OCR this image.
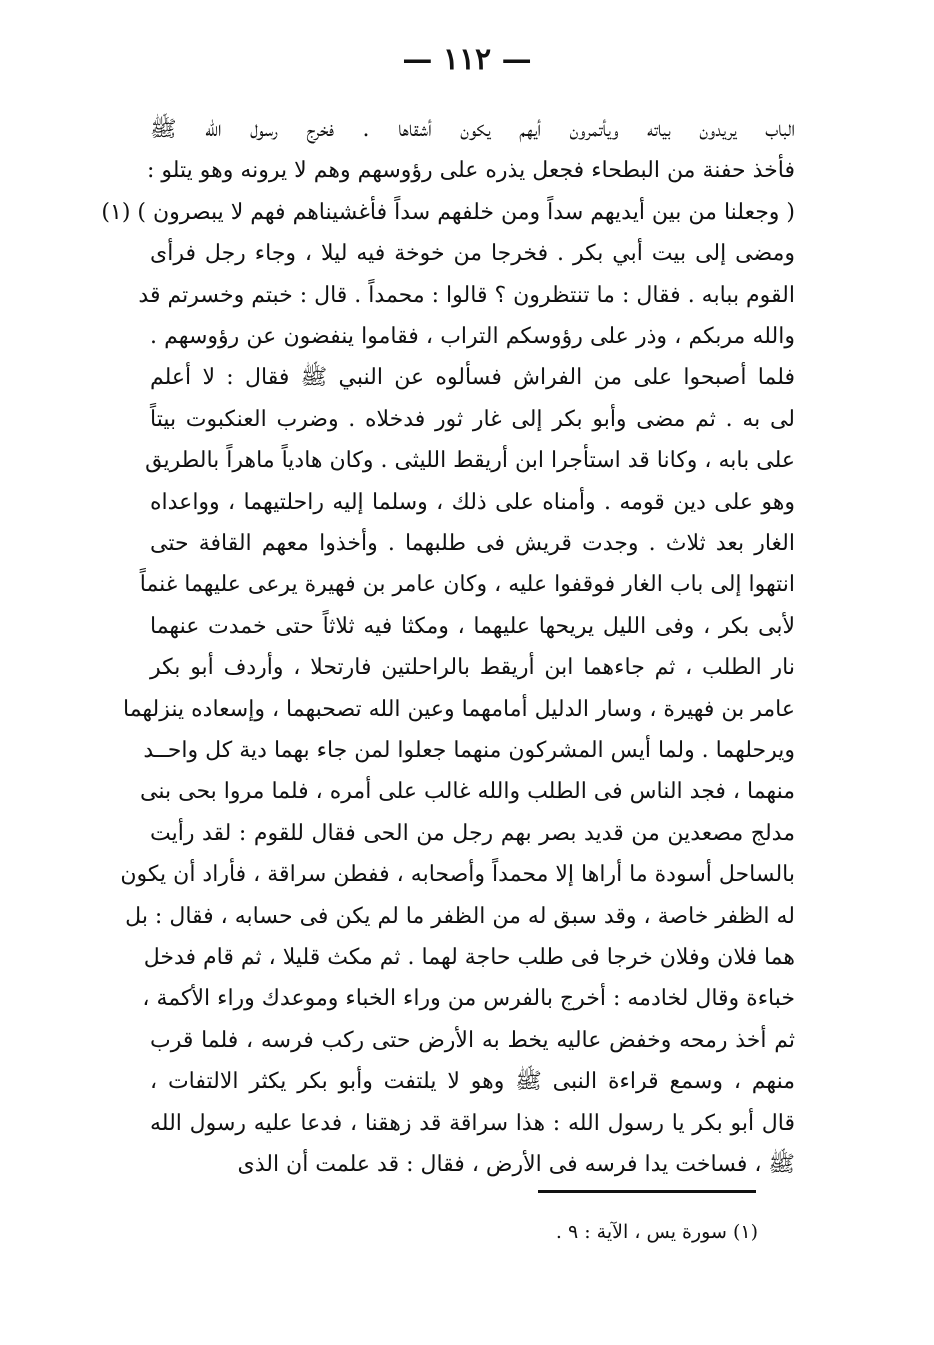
— ١١٢ —
الباب يريدون بياته ويأتمرون أيهم يكون أشقاها . فخرج رسول الله ﷺ
فأخذ حفنة من البطحاء فجعل يذره على رؤوسهم وهم لا يرونه وهو يتلو :
( وجعلنا من بين أيديهم سداً ومن خلفهم سداً فأغشيناهم فهم لا يبصرون ) (١)
ومضى إلى بيت أبي بكر . فخرجا من خوخة فيه ليلا ، وجاء رجل فرأى
القوم ببابه . فقال : ما تنتظرون ؟ قالوا : محمداً . قال : خبتم وخسرتم قد
والله مربكم ، وذر على رؤوسكم التراب ، فقاموا ينفضون عن رؤوسهم .
فلما أصبحوا على من الفراش فسألوه عن النبي ﷺ فقال : لا أعلم
لى به . ثم مضى وأبو بكر إلى غار ثور فدخلاه . وضرب العنكبوت بيتاً
على بابه ، وكانا قد استأجرا ابن أريقط الليثى . وكان هادياً ماهراً بالطريق
وهو على دين قومه . وأمناه على ذلك ، وسلما إليه راحلتيهما ، وواعداه
الغار بعد ثلاث . وجدت قريش فى طلبهما . وأخذوا معهم القافة حتى
انتهوا إلى باب الغار فوقفوا عليه ، وكان عامر بن فهيرة يرعى عليهما غنماً
لأبى بكر ، وفى الليل يريحها عليهما ، ومكثا فيه ثلاثاً حتى خمدت عنهما
نار الطلب ، ثم جاءهما ابن أريقط بالراحلتين فارتحلا ، وأردف أبو بكر
عامر بن فهيرة ، وسار الدليل أمامهما وعين الله تصحبهما ، وإسعاده ينزلهما
ويرحلهما . ولما أيس المشركون منهما جعلوا لمن جاء بهما دية كل واحــد
منهما ، فجد الناس فى الطلب والله غالب على أمره ، فلما مروا بحى بنى
مدلج مصعدين من قديد بصر بهم رجل من الحى فقال للقوم : لقد رأيت
بالساحل أسودة ما أراها إلا محمداً وأصحابه ، ففطن سراقة ، فأراد أن يكون
له الظفر خاصة ، وقد سبق له من الظفر ما لم يكن فى حسابه ، فقال : بل
هما فلان وفلان خرجا فى طلب حاجة لهما . ثم مكث قليلا ، ثم قام فدخل
خباءة وقال لخادمه : أخرج بالفرس من وراء الخباء وموعدك وراء الأكمة ،
ثم أخذ رمحه وخفض عاليه يخط به الأرض حتى ركب فرسه ، فلما قرب
منهم ، وسمع قراءة النبى ﷺ وهو لا يلتفت وأبو بكر يكثر الالتفات ،
قال أبو بكر يا رسول الله : هذا سراقة قد زهقنا ، فدعا عليه رسول الله
ﷺ ، فساخت يدا فرسه فى الأرض ، فقال : قد علمت أن الذى
(١) سورة يس ، الآية : ٩ .
